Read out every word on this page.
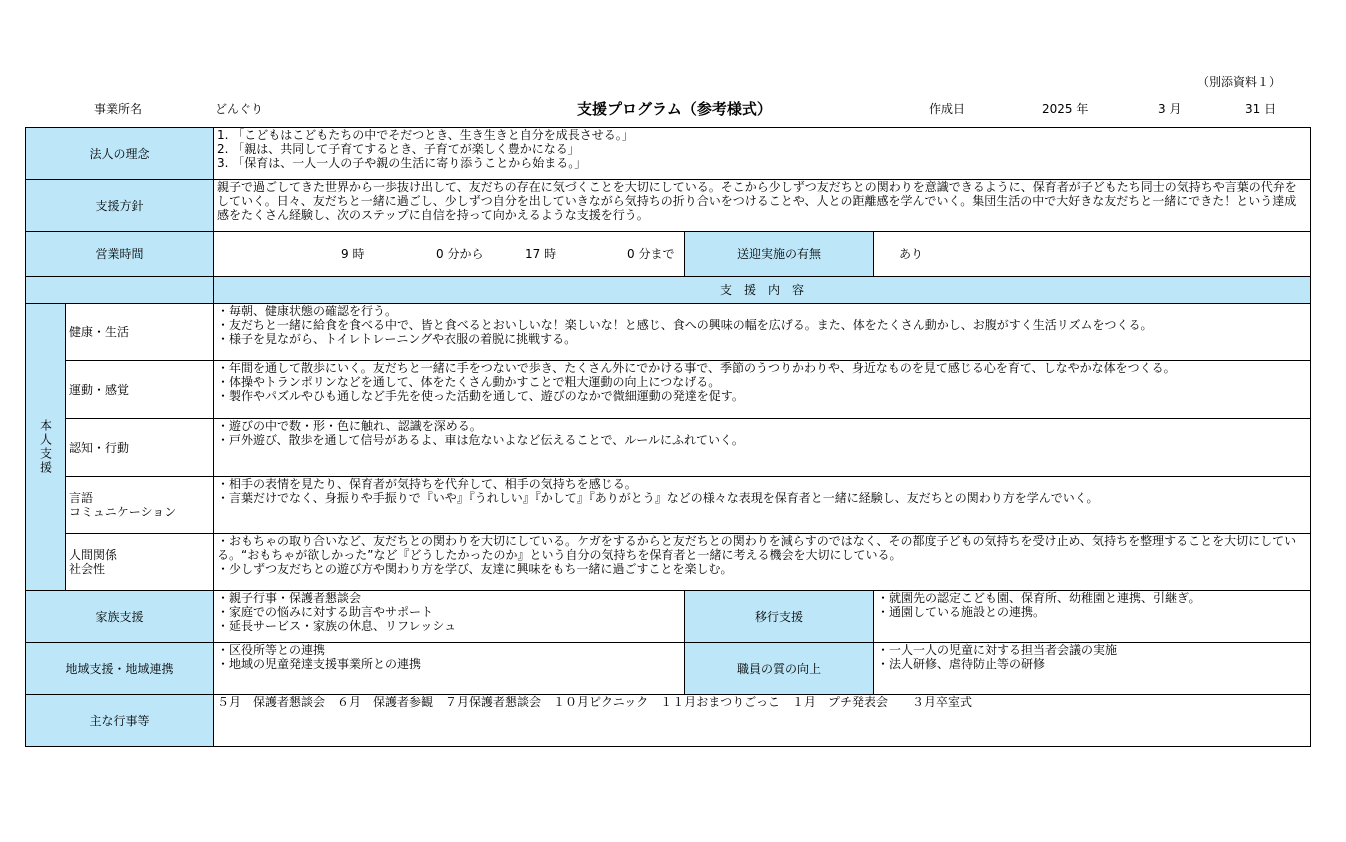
（別添資料１）
事業所名	どんぐり	支援プログラム（参考様式）	作成日	2025 年	3 月	31 日
法人の理念		1. 「こどもはこどもたちの中でそだつとき、生き生きと自分を成長させる。」
2. 「親は、共同して子育てするとき、子育てが楽しく豊かになる」
3. 「保育は、一人一人の子や親の生活に寄り添うことから始まる。」		

支援方針		親子で過ごしてきた世界から一歩抜け出して、友だちの存在に気づくことを大切にしている。そこから少しずつ友だちとの関わりを意識できるように、保育者が子どもたち同士の気持ちや言葉の代弁をしていく。日々、友だちと一緒に過ごし、少しずつ自分を出していきながら気持ちの折り合いをつけることや、人との距離感を学んでいく。集団生活の中で大好きな友だちと一緒にできた！という達成感をたくさん経験し、次のステップに自信を持って向かえるような支援を行う。		

営業時間		9 時 0 分から 17 時 0 分まで	送迎実施の有無	あり
		支　援　内　容		

本人支援	健康・生活	・毎朝、健康状態の確認を行う。
・友だちと一緒に給食を食べる中で、皆と食べるとおいしいな！楽しいな！と感じ、食への興味の幅を広げる。また、体をたくさん動かし、お腹がすく生活リズムをつくる。
・様子を見ながら、トイレトレーニングや衣服の着脱に挑戦する。		

	運動・感覚	・年間を通して散歩にいく。友だちと一緒に手をつないで歩き、たくさん外にでかける事で、季節のうつりかわりや、身近なものを見て感じる心を育て、しなやかな体をつくる。
・体操やトランポリンなどを通して、体をたくさん動かすことで粗大運動の向上につなげる。
・製作やパズルやひも通しなど手先を使った活動を通して、遊びのなかで微細運動の発達を促す。		

	認知・行動	・遊びの中で数・形・色に触れ、認識を深める。
・戸外遊び、散歩を通して信号があるよ、車は危ないよなど伝えることで、ルールにふれていく。		

	言語
コミュニケーション	・相手の表情を見たり、保育者が気持ちを代弁して、相手の気持ちを感じる。
・言葉だけでなく、身振りや手振りで『いや』『うれしい』『かして』『ありがとう』などの様々な表現を保育者と一緒に経験し、友だちとの関わり方を学んでいく。		

	人間関係
社会性	・おもちゃの取り合いなど、友だちとの関わりを大切にしている。ケガをするからと友だちとの関わりを減らすのではなく、その都度子どもの気持ちを受け止め、気持ちを整理することを大切にしている。“おもちゃが欲しかった”など『どうしたかったのか』という自分の気持ちを保育者と一緒に考える機会を大切にしている。
・少しずつ友だちとの遊び方や関わり方を学び、友達に興味をもち一緒に過ごすことを楽しむ。		

家族支援		・親子行事・保護者懇談会
・家庭での悩みに対する助言やサポート
・延長サービス・家族の休息、リフレッシュ	移行支援	・就園先の認定こども園、保育所、幼稚園と連携、引継ぎ。
・通園している施設との連携。

地域支援・地域連携		・区役所等との連携
・地域の児童発達支援事業所との連携	職員の質の向上	・一人一人の児童に対する担当者会議の実施
・法人研修、虐待防止等の研修

主な行事等		５月　保護者懇談会　６月　保護者参観　７月保護者懇談会　１０月ピクニック　１１月おまつりごっこ　１月　プチ発表会　　３月卒室式		
